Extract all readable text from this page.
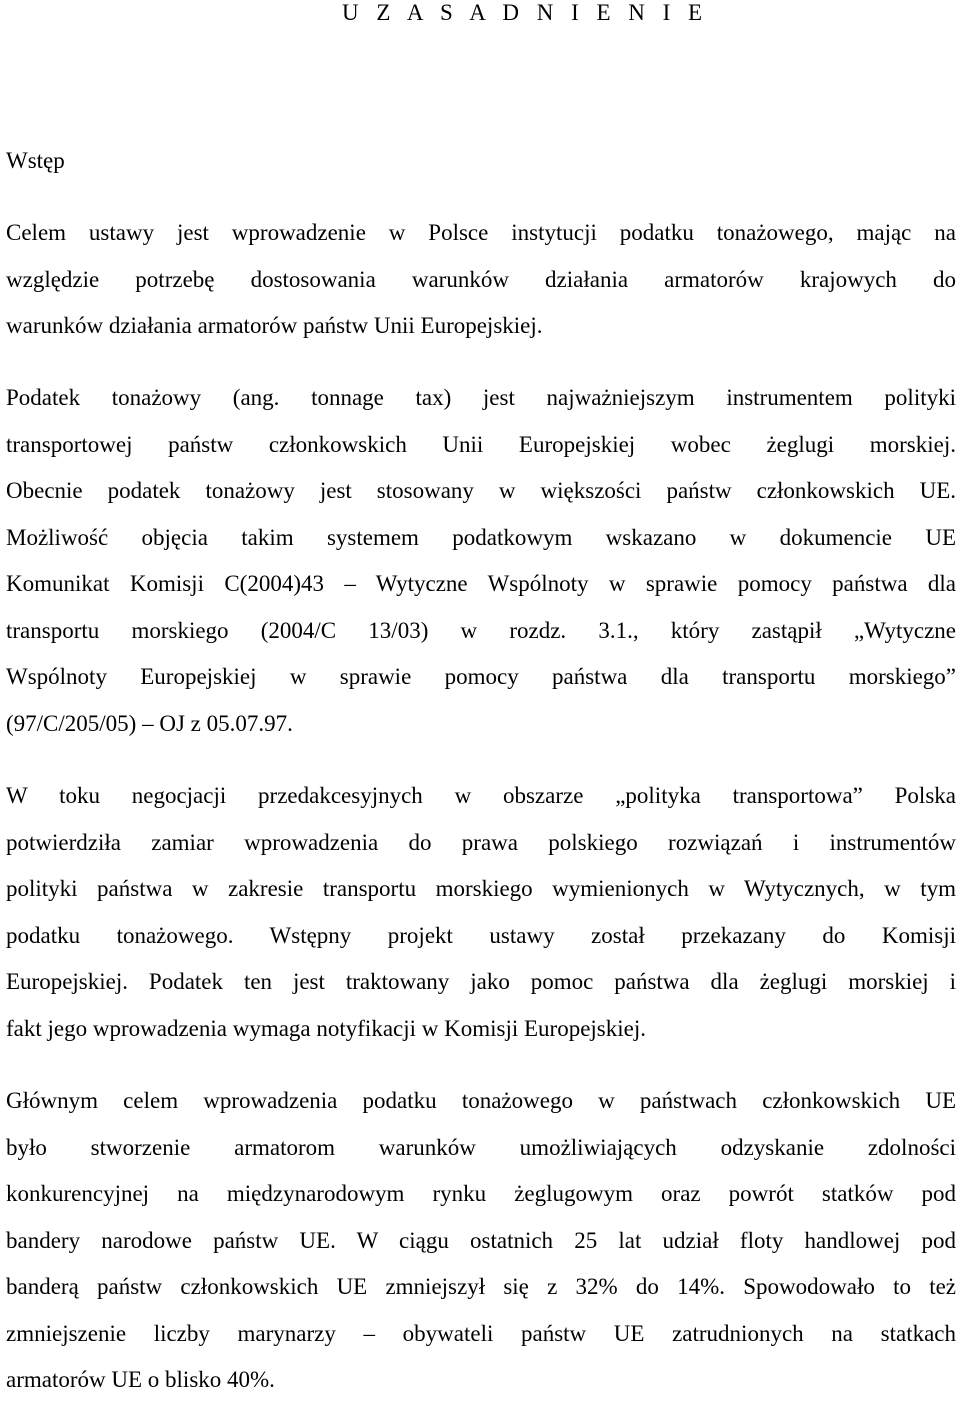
U Z A S A D N I E N I E
Wstęp
Celem ustawy jest wprowadzenie w Polsce instytucji podatku tonażowego, mając na
względzie potrzebę dostosowania warunków działania armatorów krajowych do
warunków działania armatorów państw Unii Europejskiej.
Podatek tonażowy (ang. tonnage tax) jest najważniejszym instrumentem polityki
transportowej państw członkowskich Unii Europejskiej wobec żeglugi morskiej.
Obecnie podatek tonażowy jest stosowany w większości państw członkowskich UE.
Możliwość objęcia takim systemem podatkowym wskazano w dokumencie UE
Komunikat Komisji C(2004)43 – Wytyczne Wspólnoty w sprawie pomocy państwa dla
transportu morskiego (2004/C 13/03) w rozdz. 3.1., który zastąpił „Wytyczne
Wspólnoty Europejskiej w sprawie pomocy państwa dla transportu morskiego”
(97/C/205/05) – OJ z 05.07.97.
W toku negocjacji przedakcesyjnych w obszarze „polityka transportowa” Polska
potwierdziła zamiar wprowadzenia do prawa polskiego rozwiązań i instrumentów
polityki państwa w zakresie transportu morskiego wymienionych w Wytycznych, w tym
podatku tonażowego. Wstępny projekt ustawy został przekazany do Komisji
Europejskiej. Podatek ten jest traktowany jako pomoc państwa dla żeglugi morskiej i
fakt jego wprowadzenia wymaga notyfikacji w Komisji Europejskiej.
Głównym celem wprowadzenia podatku tonażowego w państwach członkowskich UE
było stworzenie armatorom warunków umożliwiających odzyskanie zdolności
konkurencyjnej na międzynarodowym rynku żeglugowym oraz powrót statków pod
bandery narodowe państw UE. W ciągu ostatnich 25 lat udział floty handlowej pod
banderą państw członkowskich UE zmniejszył się z 32% do 14%. Spowodowało to też
zmniejszenie liczby marynarzy – obywateli państw UE zatrudnionych na statkach
armatorów UE o blisko 40%.
